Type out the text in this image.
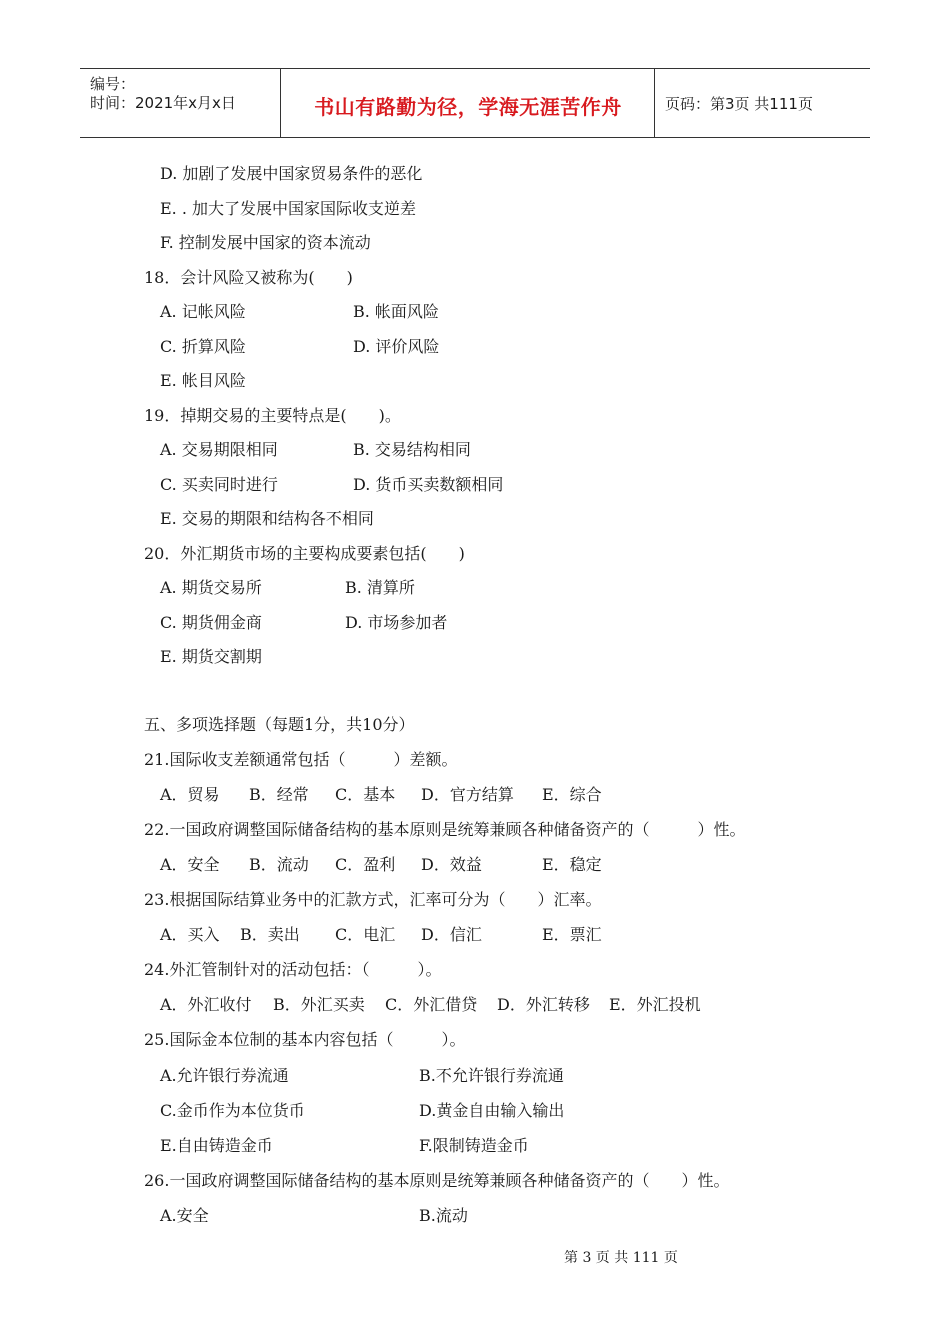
编号：
时间：2021年x月x日	书山有路勤为径，学海无涯苦作舟	页码：第3页 共111页
D. 加剧了发展中国家贸易条件的恶化
E. . 加大了发展中国家国际收支逆差
F. 控制发展中国家的资本流动
18．会计风险又被称为(　　)
A. 记帐风险	B. 帐面风险
C. 折算风险	D. 评价风险
E. 帐目风险
19．掉期交易的主要特点是(　　)。
A. 交易期限相同	B. 交易结构相同
C. 买卖同时进行	D. 货币买卖数额相同
E. 交易的期限和结构各不相同
20．外汇期货市场的主要构成要素包括(　　)
A. 期货交易所	B. 清算所
C. 期货佣金商	D. 市场参加者
E. 期货交割期
五、多项选择题（每题1分，共10分）
21.国际收支差额通常包括（　　　）差额。
A．贸易 B．经常 C．基本 D．官方结算 E．综合
22.一国政府调整国际储备结构的基本原则是统筹兼顾各种储备资产的（　　　）性。
A．安全 B．流动 C．盈利 D．效益	E．稳定
23.根据国际结算业务中的汇款方式，汇率可分为（　　）汇率。
A．买入 B．卖出 C．电汇 D．信汇	E．票汇
24.外汇管制针对的活动包括：（　　　）。
A．外汇收付 B．外汇买卖 C．外汇借贷 D．外汇转移 E．外汇投机
25.国际金本位制的基本内容包括（　　　）。
A.允许银行券流通	B.不允许银行券流通
C.金币作为本位货币	D.黄金自由输入输出
E.自由铸造金币	F.限制铸造金币
26.一国政府调整国际储备结构的基本原则是统筹兼顾各种储备资产的（　　）性。
A.安全	B.流动
第 3 页 共 111 页
